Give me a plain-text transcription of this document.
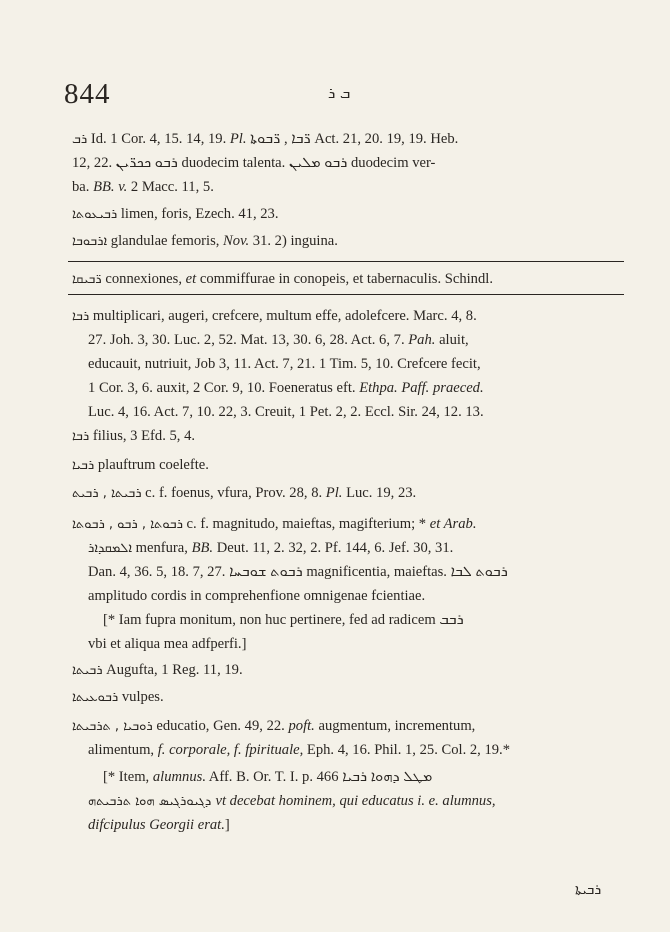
844	ܒ ܪ
ܪܒ Id. 1 Cor. 4, 15. 14, 19. Pl. ܪ̈ܒܐ , ܪ̈ܒܘܬܐ Act. 21, 20. 19, 19. Heb.
12, 22. ܪܒܘ ܟܟܪ̈ܝܢ duodecim talenta. ܪܒܘ ܡܠܝܢ duodecim ver-
ba. BB. v. 2 Macc. 11, 5.
ܪܒܝܥܘܬܐ limen, foris, Ezech. 41, 23.
ܐܪܒܘܒܐ glandulae femoris, Nov. 31. 2) inguina.
ܪ̈ܒܝܩܐ connexiones, et commiffurae in conopeis, et tabernaculis. Schindl.
ܪܒܐ multiplicari, augeri, crefcere, multum effe, adolefcere. Marc. 4, 8.
27. Joh. 3, 30. Luc. 2, 52. Mat. 13, 30. 6, 28. Act. 6, 7. Pah. aluit,
educauit, nutriuit, Job 3, 11. Act. 7, 21. 1 Tim. 5, 10. Crefcere fecit,
1 Cor. 3, 6. auxit, 2 Cor. 9, 10. Foeneratus eft. Ethpa. Paff. praeced.
Luc. 4, 16. Act. 7, 10. 22, 3. Creuit, 1 Pet. 2, 2. Eccl. Sir. 24, 12. 13.
ܪܒܐ filius, 3 Efd. 5, 4.
ܪܒܝܐ plauftrum coelefte.
ܪܒܝܬܐ , ܪܒܝܬ c. f. foenus, vfura, Prov. 28, 8. Pl. Luc. 19, 23.
ܪܒܘܬܐ , ܪܒܘ , ܪܒܘܬܐ c. f. magnitudo, maieftas, magifterium; * et Arab.
ܐܠܡܩܕܐܪ menfura, BB. Deut. 11, 2. 32, 2. Pf. 144, 6. Jef. 30, 31.
Dan. 4, 36. 5, 18. 7, 27. ܪܒܘܬ ܫܘܒܚܐ magnificentia, maieftas. ܪܒܘܬ ܠܒܐ
amplitudo cordis in comprehenfione omnigenae fcientiae.
[* Iam fupra monitum, non huc pertinere, fed ad radicem ܪܒܒ
vbi et aliqua mea adfperfi.]
ܪܒܝܬܐ Augufta, 1 Reg. 11, 19.
ܪܒܘܥܝܬܐ vulpes.
ܪܘܒܝܐ , ܬܪܒܝܬܐ educatio, Gen. 49, 22. poft. augmentum, incrementum,
alimentum, f. corporale, f. fpirituale, Eph. 4, 16. Phil. 1, 25. Col. 2, 19.*
[* Item, alumnus. Aff. B. Or. T. I. p. 466 ܡܛܠ ܕܗܘܐ ܪܒܝܐ
ܕܓܝܘܪܓܝܣ ܗܘܐ ܬܪܒܝܬܗ vt decebat hominem, qui educatus i. e. alumnus,
difcipulus Georgii erat.]
ܪܒܝܬܐ
